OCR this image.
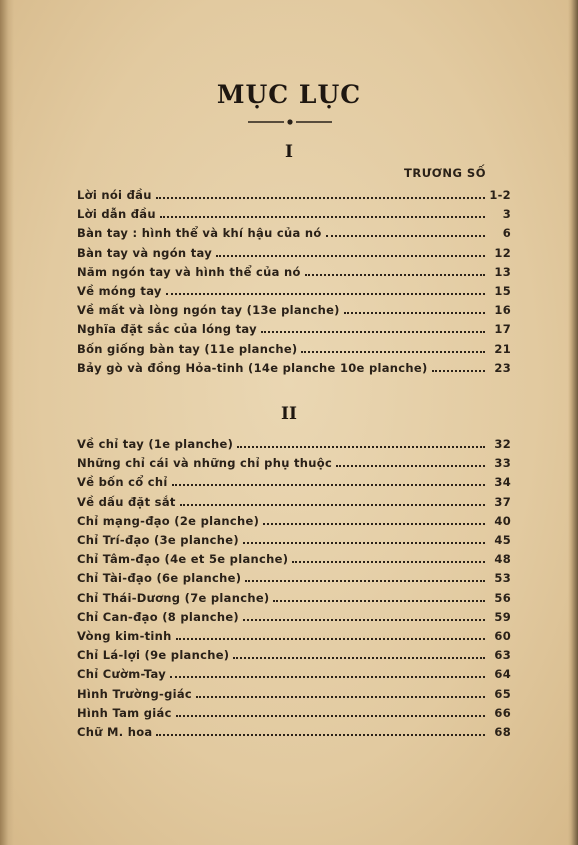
MỤC LỤC
I
TRƯƠNG SỐ
Lời nói đầu	1-2
Lời dẫn đầu	3
Bàn tay : hình thể và khí hậu của nó	6
Bàn tay và ngón tay	12
Năm ngón tay và hình thể của nó	13
Về móng tay	15
Về mất và lòng ngón tay (13e planche)	16
Nghĩa đặt sắc của lóng tay	17
Bốn giống bàn tay (11e planche)	21
Bảy gò và đồng Hỏa-tinh (14e planche 10e planche)	23
II
Về chỉ tay (1e planche)	32
Những chỉ cái và những chỉ phụ thuộc	33
Về bốn cổ chỉ	34
Về dấu đặt sắt	37
Chỉ mạng-đạo (2e planche)	40
Chỉ Trí-đạo (3e planche)	45
Chỉ Tâm-đạo (4e et 5e planche)	48
Chỉ Tài-đạo (6e planche)	53
Chỉ Thái-Dương (7e planche)	56
Chỉ Can-đạo (8 planche)	59
Vòng kim-tinh	60
Chỉ Lá-lợi (9e planche)	63
Chỉ Cườm-Tay	64
Hình Trường-giác	65
Hình Tam giác	66
Chữ M. hoa	68
